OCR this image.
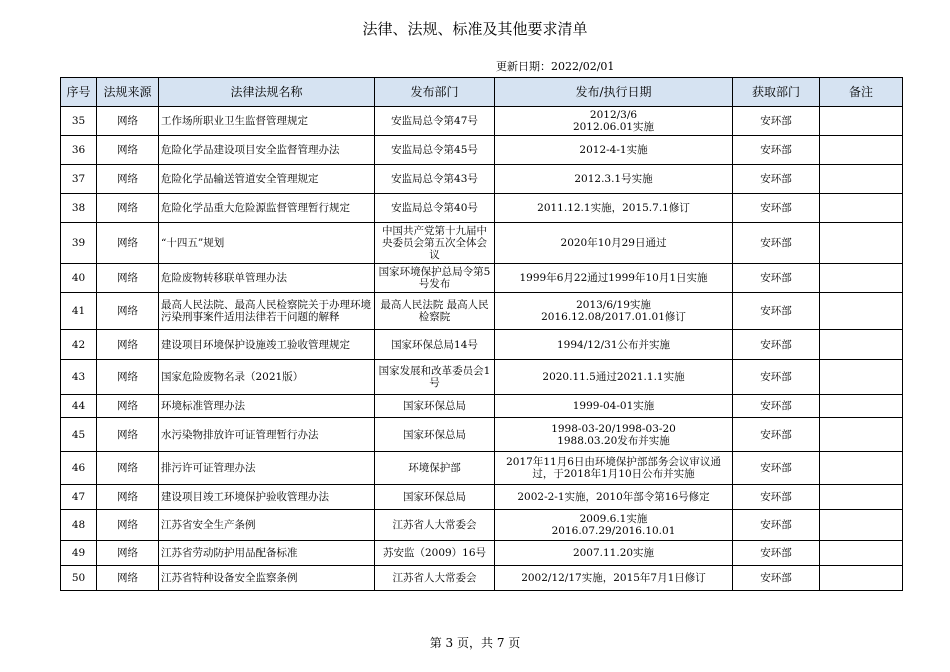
法律、法规、标准及其他要求清单
更新日期：2022/02/01
序号	法规来源	法律法规名称	发布部门	发布/执行日期	获取部门	备注
35	网络	工作场所职业卫生监督管理规定	安监局总令第47号	2012/3/6
2012.06.01实施	安环部	
36	网络	危险化学品建设项目安全监督管理办法	安监局总令第45号	2012-4-1实施	安环部	
37	网络	危险化学品输送管道安全管理规定	安监局总令第43号	2012.3.1号实施	安环部	
38	网络	危险化学品重大危险源监督管理暂行规定	安监局总令第40号	2011.12.1实施，2015.7.1修订	安环部	
39	网络	“十四五”规划	中国共产党第十九届中央委员会第五次全体会议	2020年10月29日通过	安环部	
40	网络	危险废物转移联单管理办法	国家环境保护总局令第5号发布	1999年6月22通过1999年10月1日实施	安环部	
41	网络	最高人民法院、最高人民检察院关于办理环境污染刑事案件适用法律若干问题的解释	最高人民法院 最高人民检察院	2013/6/19实施
2016.12.08/2017.01.01修订	安环部	
42	网络	建设项目环境保护设施竣工验收管理规定	国家环保总局14号	1994/12/31公布并实施	安环部	
43	网络	国家危险废物名录（2021版）	国家发展和改革委员会1号	2020.11.5通过2021.1.1实施	安环部	
44	网络	环境标准管理办法	国家环保总局	1999-04-01实施	安环部	
45	网络	水污染物排放许可证管理暂行办法	国家环保总局	1998-03-20/1998-03-20
1988.03.20发布并实施	安环部	
46	网络	排污许可证管理办法	环境保护部	2017年11月6日由环境保护部部务会议审议通过，于2018年1月10日公布并实施	安环部	
47	网络	建设项目竣工环境保护验收管理办法	国家环保总局	2002-2-1实施，2010年部令第16号修定	安环部	
48	网络	江苏省安全生产条例	江苏省人大常委会	2009.6.1实施
2016.07.29/2016.10.01	安环部	
49	网络	江苏省劳动防护用品配备标准	苏安监（2009）16号	2007.11.20实施	安环部	
50	网络	江苏省特种设备安全监察条例	江苏省人大常委会	2002/12/17实施，2015年7月1日修订	安环部	
第 3 页，共 7 页
